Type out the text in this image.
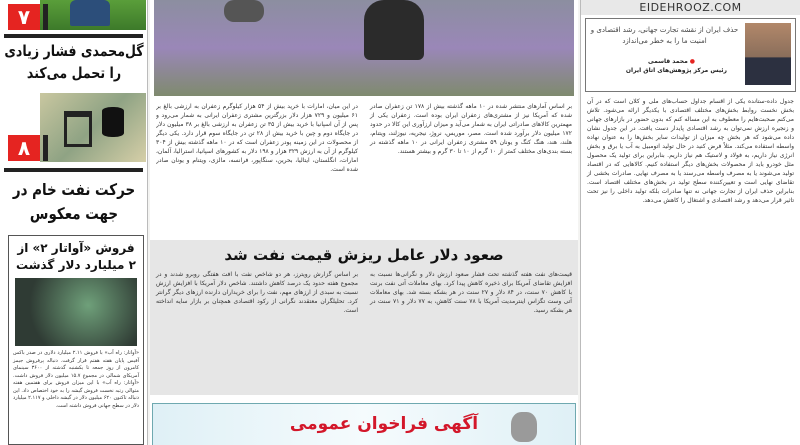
۷
گل‌محمدی فشار زیادی را تحمل می‌کند
۸
حرکت نفت خام در جهت معکوس
فروش «آواتار ۲» از ۲ میلیارد دلار گذشت
«آواتار: راه آب» با فروش ۲.۱۱ میلیارد دلاری در صدر باکس آفیس پایان هفته هفتم قرار گرفت. دنباله پرفروش جیمز کامرون از روز جمعه تا یکشنبه گذشته از ۳۶۰۰ سینمای آمریکای شمالی در مجموع ۱۵.۷ میلیون دلار فروش داشت. «آواتار: راه آب» با این میزان فروش برای هفتمین هفته متوالی رتبه نخست فروش گیشه را به خود اختصاص داد. این دنباله تاکنون ۶۲۰ میلیون دلار در گیشه داخلی و ۲.۱۱۷ میلیارد دلار در سطح جهانی فروش داشته است.
بر اساس آمارهای منتشر شده در ۱۰ ماهه گذشته بیش از ۱۷۸ تن زعفران صادر شده که آمریکا نیز از مشتری‌های زعفران ایران بوده است. زعفران یکی از مهمترین کالاهای صادراتی ایران به شمار می‌آید و میزان ارزآوری این کالا در حدود ۱۷۲ میلیون دلار برآورد شده است. مصر، موریس، نروژ، نیجریه، نیوزلند، ویتنام، هلند، هند، هنگ کنگ و یونان ۵۹ مشتری زعفران ایرانی در ۱۰ ماهه گذشته در بسته بندی‌های مختلف کمتر از ۱۰ گرم از ۱۰ تا ۳۰ گرم و بیشتر هستند.
در این میان، امارات با خرید بیش از ۵۴ هزار کیلوگرم زعفران به ارزشی بالغ بر ۶۱ میلیون و ۷۲۹ هزار دلار بزرگترین مشتری زعفران ایرانی به شمار می‌رود و پس از آن اسپانیا با خرید بیش از ۳۵ تن زعفران به ارزشی بالغ بر ۳۸ میلیون دلار در جایگاه دوم و چین با خرید بیش از ۲۸ تن در جایگاه سوم قرار دارد. یکی دیگر از محصولات در این زمینه پودر زعفران است که در ۱۰ ماهه گذشته بیش از ۳۰۴ کیلوگرم از آن به ارزش ۳۲۹ هزار و ۱۹۸ دلار به کشورهای اسپانیا، استرالیا، آلمان، امارات، انگلستان، ایتالیا، بحرین، سنگاپور، فرانسه، مالزی، ویتنام و یونان صادر شده است.
صعود دلار عامل ریزش قیمت نفت شد
قیمت‌های نفت هفته گذشته تحت فشار صعود ارزش دلار و نگرانی‌ها نسبت به افزایش تقاضای آمریکا برای ذخیره کاهش پیدا کرد. بهای معاملات آتی نفت برنت با کاهش ۷۰ سنت، در ۸۴ دلار و ۲۷ سنت در هر بشکه بسته شد. بهای معاملات آتی وست تگزاس اینترمدیت آمریکا با ۷۸ سنت کاهش، به ۷۷ دلار و ۷۱ سنت در هر بشکه رسید.
بر اساس گزارش رویترز، هر دو شاخص نفت با افت هفتگی روبرو شدند و در مجموع هفته حدود یک درصد کاهش داشتند. شاخص دلار آمریکا با افزایش ارزش نسبت به سبدی از ارزهای مهم، نفت را برای خریداران دارنده ارزهای دیگر گرانتر کرد. تحلیلگران معتقدند نگرانی از رکود اقتصادی همچنان بر بازار سایه انداخته است.
آگهی فراخوان عمومی
EIDEHROOZ.COM
حذف ایران از نقشه تجارت جهانی، رشد اقتصادی و امنیت ما را به خطر می‌اندازد
● محمد قاسمی
رئیس مرکز پژوهش‌های اتاق ایران
جدول داده-ستانده یکی از اقسام جداول حساب‌های ملی و کلان است که در آن بخش نخست روابط بخش‌های مختلف اقتصادی با یکدیگر ارائه می‌شود. تلاش می‌کنم صحبت‌هایم را معطوف به این مساله کنم که بدون حضور در بازارهای جهانی و زنجیره ارزش نمی‌توان به رشد اقتصادی پایدار دست یافت. در این جدول نشان داده می‌شود که هر بخش چه میزان از تولیدات سایر بخش‌ها را به عنوان نهاده واسطه استفاده می‌کند. مثلاً فرض کنید در حال تولید اتومبیل به آب یا برق و بخش انرژی نیاز داریم، به فولاد و لاستیک هم نیاز داریم. بنابراین برای تولید یک محصول مثل خودرو باید از محصولات بخش‌های دیگر استفاده کنیم. کالاهایی که در اقتصاد تولید می‌شوند یا به مصرف واسطه می‌رسند یا به مصرف نهایی. صادرات بخشی از تقاضای نهایی است و تعیین‌کننده سطح تولید در بخش‌های مختلف اقتصاد است. بنابراین حذف ایران از تجارت جهانی نه تنها صادرات بلکه تولید داخلی را نیز تحت تاثیر قرار می‌دهد و رشد اقتصادی و اشتغال را کاهش می‌دهد.
